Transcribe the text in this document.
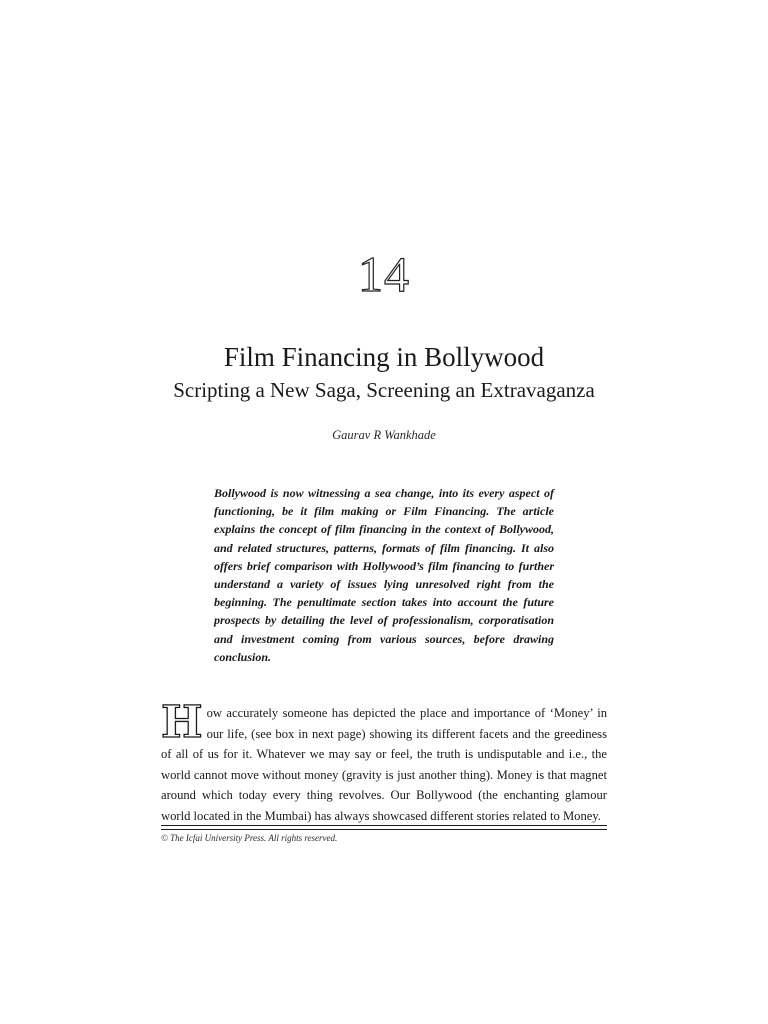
14
Film Financing in Bollywood
Scripting a New Saga, Screening an Extravaganza
Gaurav R Wankhade

Bollywood is now witnessing a sea change, into its every aspect of functioning, be it film making or Film Financing. The article explains the concept of film financing in the context of Bollywood, and related structures, patterns, formats of film financing. It also offers brief comparison with Hollywood’s film financing to further understand a variety of issues lying unresolved right from the beginning. The penultimate section takes into account the future prospects by detailing the level of professionalism, corporatisation and investment coming from various sources, before drawing conclusion.

How accurately someone has depicted the place and importance of ‘Money’ in our life, (see box in next page) showing its different facets and the greediness of all of us for it. Whatever we may say or feel, the truth is undisputable and i.e., the world cannot move without money (gravity is just another thing). Money is that magnet around which today every thing revolves. Our Bollywood (the enchanting glamour world located in the Mumbai) has always showcased different stories related to Money.

© The Icfai University Press. All rights reserved.
